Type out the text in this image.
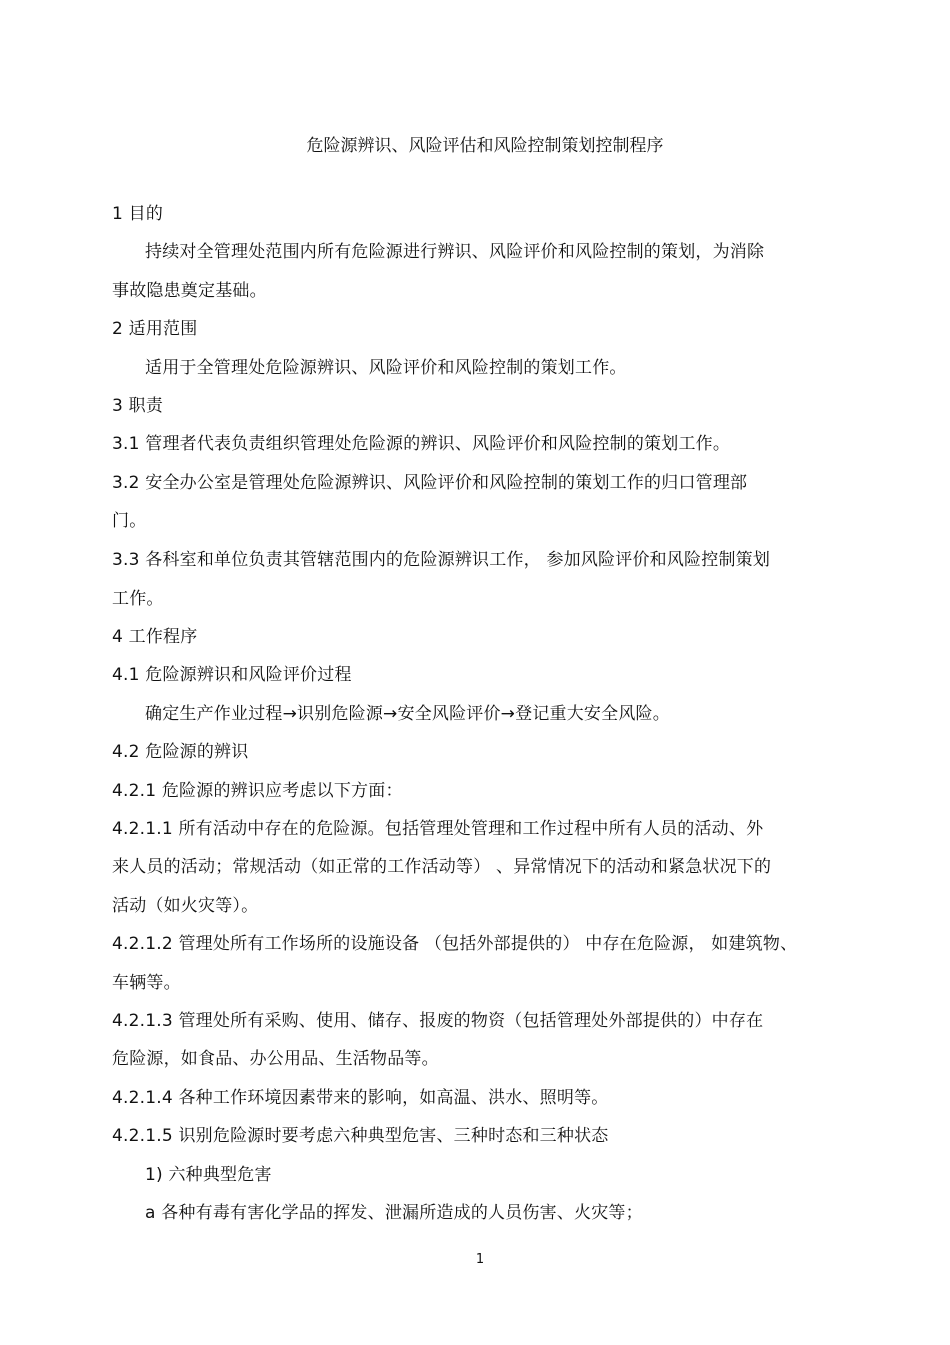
危险源辨识、风险评估和风险控制策划控制程序
1 目的
持续对全管理处范围内所有危险源进行辨识、风险评价和风险控制的策划，为消除
事故隐患奠定基础。
2 适用范围
适用于全管理处危险源辨识、风险评价和风险控制的策划工作。
3 职责
3.1 管理者代表负责组织管理处危险源的辨识、风险评价和风险控制的策划工作。
3.2 安全办公室是管理处危险源辨识、风险评价和风险控制的策划工作的归口管理部
门。
3.3 各科室和单位负责其管辖范围内的危险源辨识工作， 参加风险评价和风险控制策划
工作。
4 工作程序
4.1 危险源辨识和风险评价过程
确定生产作业过程→识别危险源→安全风险评价→登记重大安全风险。
4.2 危险源的辨识
4.2.1 危险源的辨识应考虑以下方面：
4.2.1.1 所有活动中存在的危险源。包括管理处管理和工作过程中所有人员的活动、外
来人员的活动；常规活动（如正常的工作活动等） 、异常情况下的活动和紧急状况下的
活动（如火灾等）。
4.2.1.2 管理处所有工作场所的设施设备 （包括外部提供的） 中存在危险源， 如建筑物、
车辆等。
4.2.1.3 管理处所有采购、使用、储存、报废的物资（包括管理处外部提供的）中存在
危险源，如食品、办公用品、生活物品等。
4.2.1.4 各种工作环境因素带来的影响，如高温、洪水、照明等。
4.2.1.5 识别危险源时要考虑六种典型危害、三种时态和三种状态
1) 六种典型危害
a 各种有毒有害化学品的挥发、泄漏所造成的人员伤害、火灾等；
1
